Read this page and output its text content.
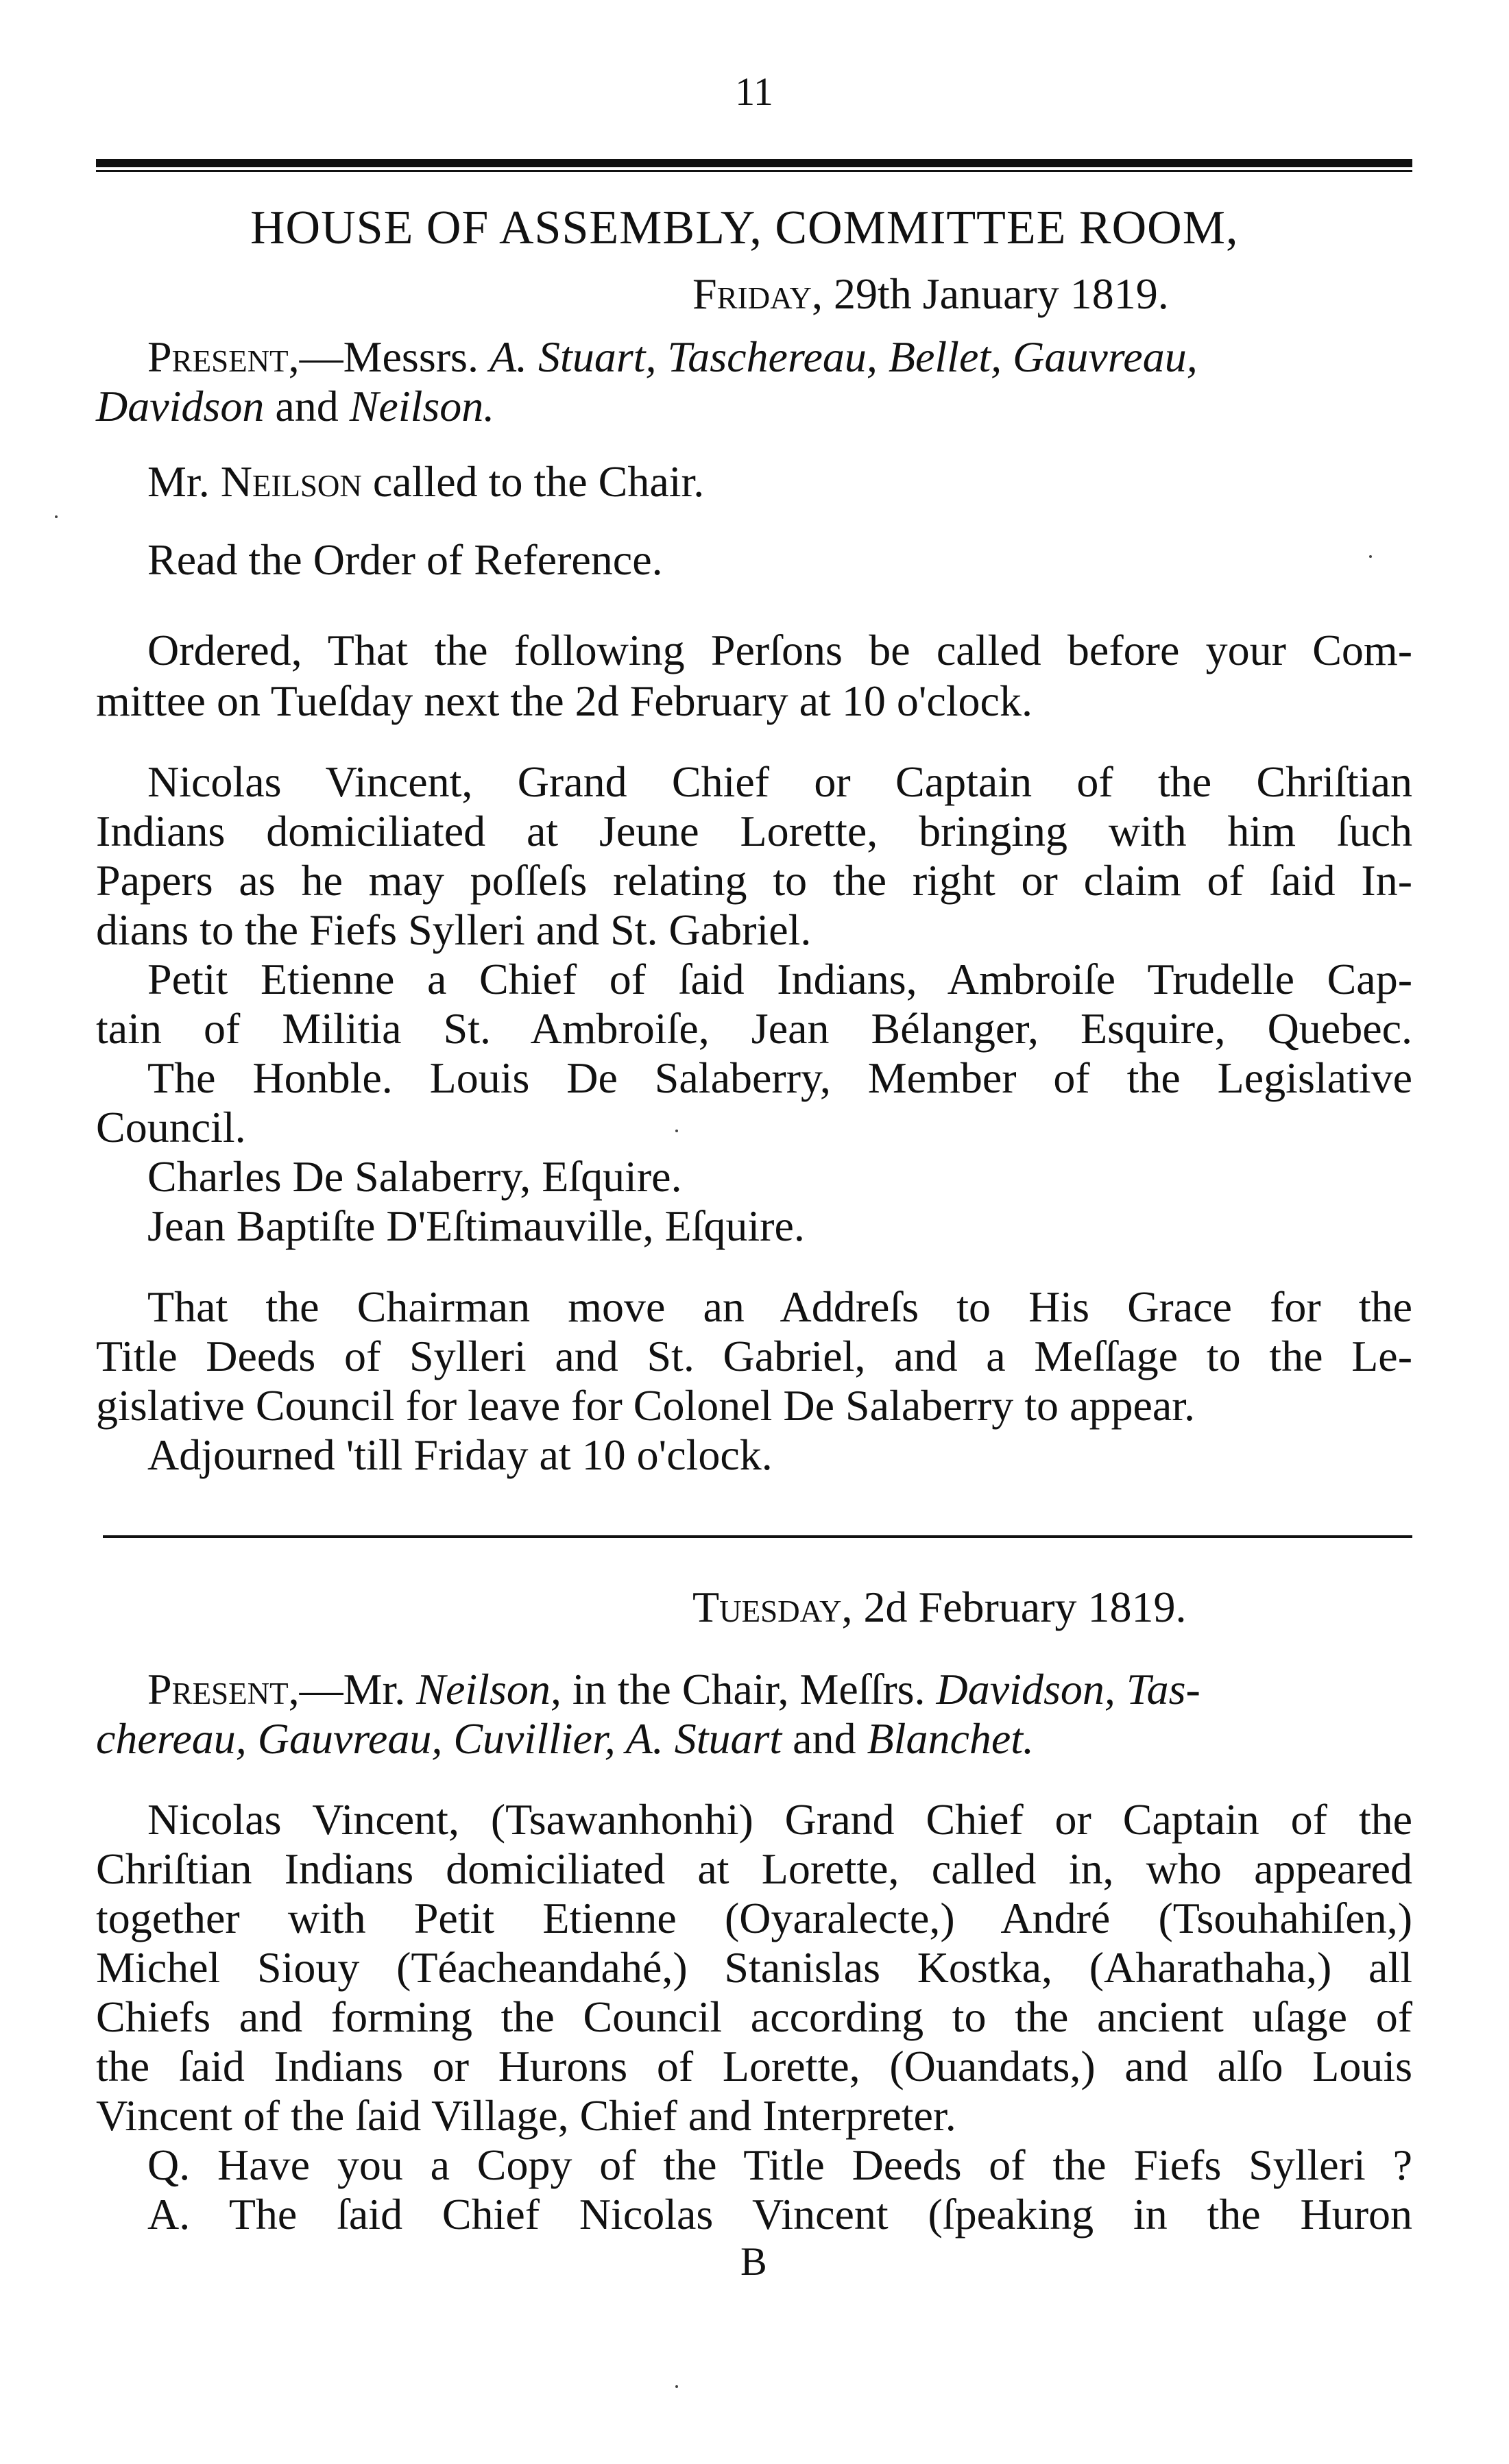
11
HOUSE OF ASSEMBLY, COMMITTEE ROOM,
Friday, 29th January 1819.
Present,—Messrs. A. Stuart, Taschereau, Bellet, Gauvreau,
Davidson and Neilson.
Mr. Neilson called to the Chair.
Read the Order of Reference.
Ordered, That the following Perſons be called before your Com-
mittee on Tueſday next the 2d February at 10 o'clock.
Nicolas Vincent, Grand Chief or Captain of the Chriſtian
Indians domiciliated at Jeune Lorette, bringing with him ſuch
Papers as he may poſſeſs relating to the right or claim of ſaid In-
dians to the Fiefs Sylleri and St. Gabriel.
Petit Etienne a Chief of ſaid Indians, Ambroiſe Trudelle Cap-
tain of Militia St. Ambroiſe, Jean Bélanger, Esquire, Quebec.
The Honble. Louis De Salaberry, Member of the Legislative
Council.
Charles De Salaberry, Eſquire.
Jean Baptiſte D'Eſtimauville, Eſquire.
That the Chairman move an Addreſs to His Grace for the
Title Deeds of Sylleri and St. Gabriel, and a Meſſage to the Le-
gislative Council for leave for Colonel De Salaberry to appear.
Adjourned 'till Friday at 10 o'clock.
Tuesday, 2d February 1819.
Present,—Mr. Neilson, in the Chair, Meſſrs. Davidson, Tas-
chereau, Gauvreau, Cuvillier, A. Stuart and Blanchet.
Nicolas Vincent, (Tsawanhonhi) Grand Chief or Captain of the
Chriſtian Indians domiciliated at Lorette, called in, who appeared
together with Petit Etienne (Oyaralecte,) André (Tsouhahiſen,)
Michel Siouy (Téacheandahé,) Stanislas Kostka, (Aharathaha,) all
Chiefs and forming the Council according to the ancient uſage of
the ſaid Indians or Hurons of Lorette, (Ouandats,) and alſo Louis
Vincent of the ſaid Village, Chief and Interpreter.
Q. Have you a Copy of the Title Deeds of the Fiefs Sylleri ?
A. The ſaid Chief Nicolas Vincent (ſpeaking in the Huron
B
